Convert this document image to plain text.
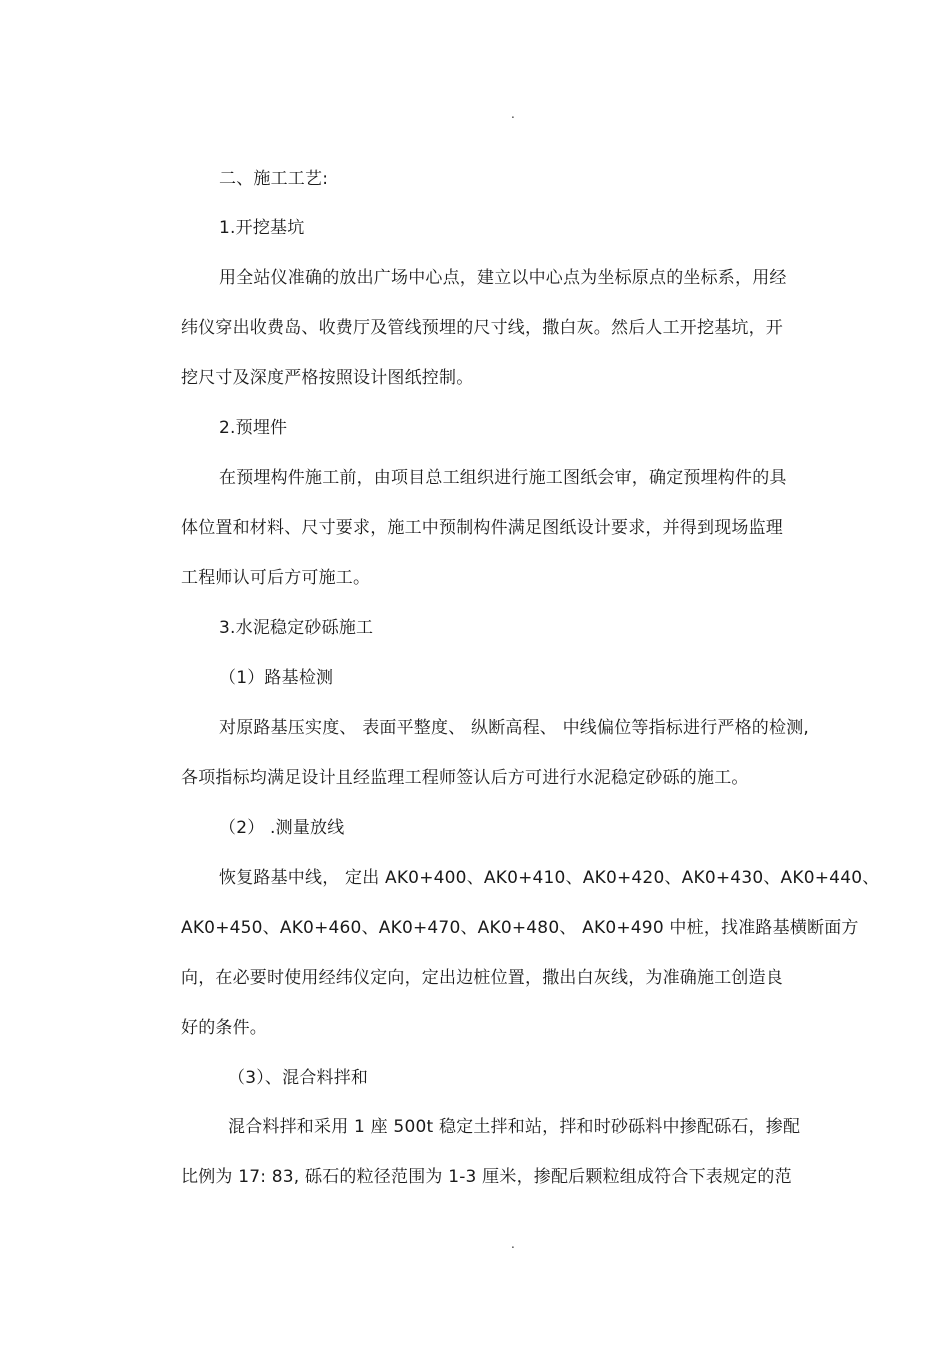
.
二、施工工艺:
1.开挖基坑
用全站仪准确的放出广场中心点，建立以中心点为坐标原点的坐标系，用经
纬仪穿出收费岛、收费厅及管线预埋的尺寸线，撒白灰。然后人工开挖基坑，开
挖尺寸及深度严格按照设计图纸控制。
2.预埋件
在预埋构件施工前，由项目总工组织进行施工图纸会审，确定预埋构件的具
体位置和材料、尺寸要求，施工中预制构件满足图纸设计要求，并得到现场监理
工程师认可后方可施工。
3.水泥稳定砂砾施工
（1）路基检测
对原路基压实度、 表面平整度、 纵断高程、 中线偏位等指标进行严格的检测,
各项指标均满足设计且经监理工程师签认后方可进行水泥稳定砂砾的施工。
（2） .测量放线
恢复路基中线， 定出 AK0+400、AK0+410、AK0+420、AK0+430、AK0+440、
AK0+450、AK0+460、AK0+470、AK0+480、 AK0+490 中桩，找准路基横断面方
向，在必要时使用经纬仪定向，定出边桩位置，撒出白灰线，为准确施工创造良
好的条件。
（3）、混合料拌和
混合料拌和采用 1 座 500t 稳定土拌和站，拌和时砂砾料中掺配砾石，掺配
比例为 17: 83, 砾石的粒径范围为 1-3 厘米，掺配后颗粒组成符合下表规定的范
.
